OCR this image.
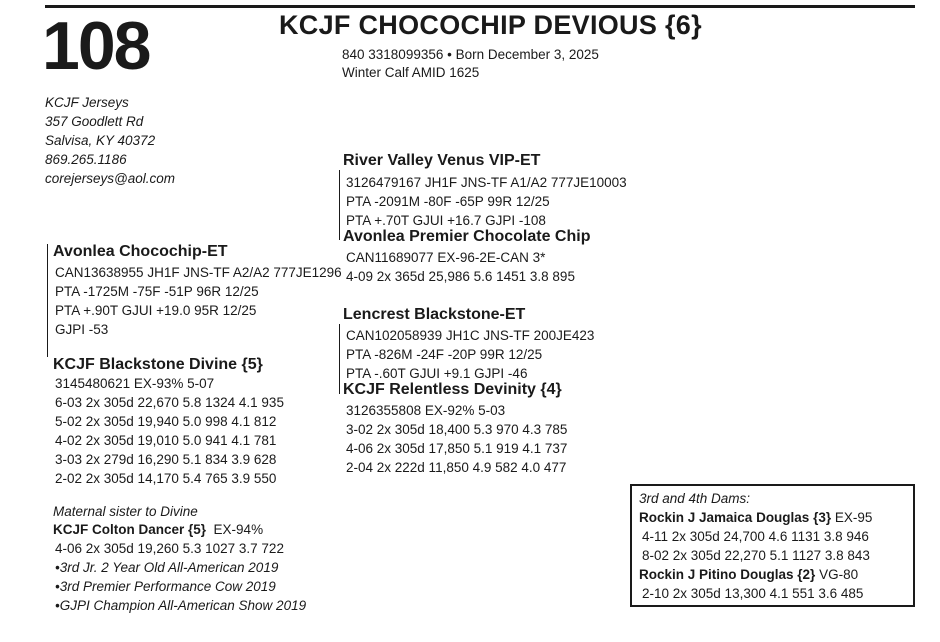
108	KCJF CHOCOCHIP DEVIOUS {6}
840 3318099356 • Born December 3, 2025
Winter Calf AMID 1625
KCJF Jerseys
357 Goodlett Rd
Salvisa, KY 40372
869.265.1186
corejerseys@aol.com
River Valley Venus VIP-ET
3126479167 JH1F JNS-TF A1/A2 777JE10003
PTA -2091M -80F -65P 99R 12/25
PTA +.70T GJUI +16.7 GJPI -108
Avonlea Premier Chocolate Chip
CAN11689077 EX-96-2E-CAN 3*
4-09 2x 365d 25,986 5.6 1451 3.8 895
Avonlea Chocochip-ET
CAN13638955 JH1F JNS-TF A2/A2 777JE1296
PTA -1725M -75F -51P 96R 12/25
PTA +.90T GJUI +19.0 95R 12/25
GJPI -53
Lencrest Blackstone-ET
CAN102058939 JH1C JNS-TF 200JE423
PTA -826M -24F -20P 99R 12/25
PTA -.60T GJUI +9.1 GJPI -46
KCJF Relentless Devinity {4}
3126355808 EX-92% 5-03
3-02 2x 305d 18,400 5.3 970 4.3 785
4-06 2x 305d 17,850 5.1 919 4.1 737
2-04 2x 222d 11,850 4.9 582 4.0 477
KCJF Blackstone Divine {5}
3145480621 EX-93% 5-07
6-03 2x 305d 22,670 5.8 1324 4.1 935
5-02 2x 305d 19,940 5.0 998 4.1 812
4-02 2x 305d 19,010 5.0 941 4.1 781
3-03 2x 279d 16,290 5.1 834 3.9 628
2-02 2x 305d 14,170 5.4 765 3.9 550
Maternal sister to Divine
KCJF Colton Dancer {5} EX-94%
4-06 2x 305d 19,260 5.3 1027 3.7 722
•3rd Jr. 2 Year Old All-American 2019
•3rd Premier Performance Cow 2019
•GJPI Champion All-American Show 2019
3rd and 4th Dams:
Rockin J Jamaica Douglas {3} EX-95
4-11 2x 305d 24,700 4.6 1131 3.8 946
8-02 2x 305d 22,270 5.1 1127 3.8 843
Rockin J Pitino Douglas {2} VG-80
2-10 2x 305d 13,300 4.1 551 3.6 485
